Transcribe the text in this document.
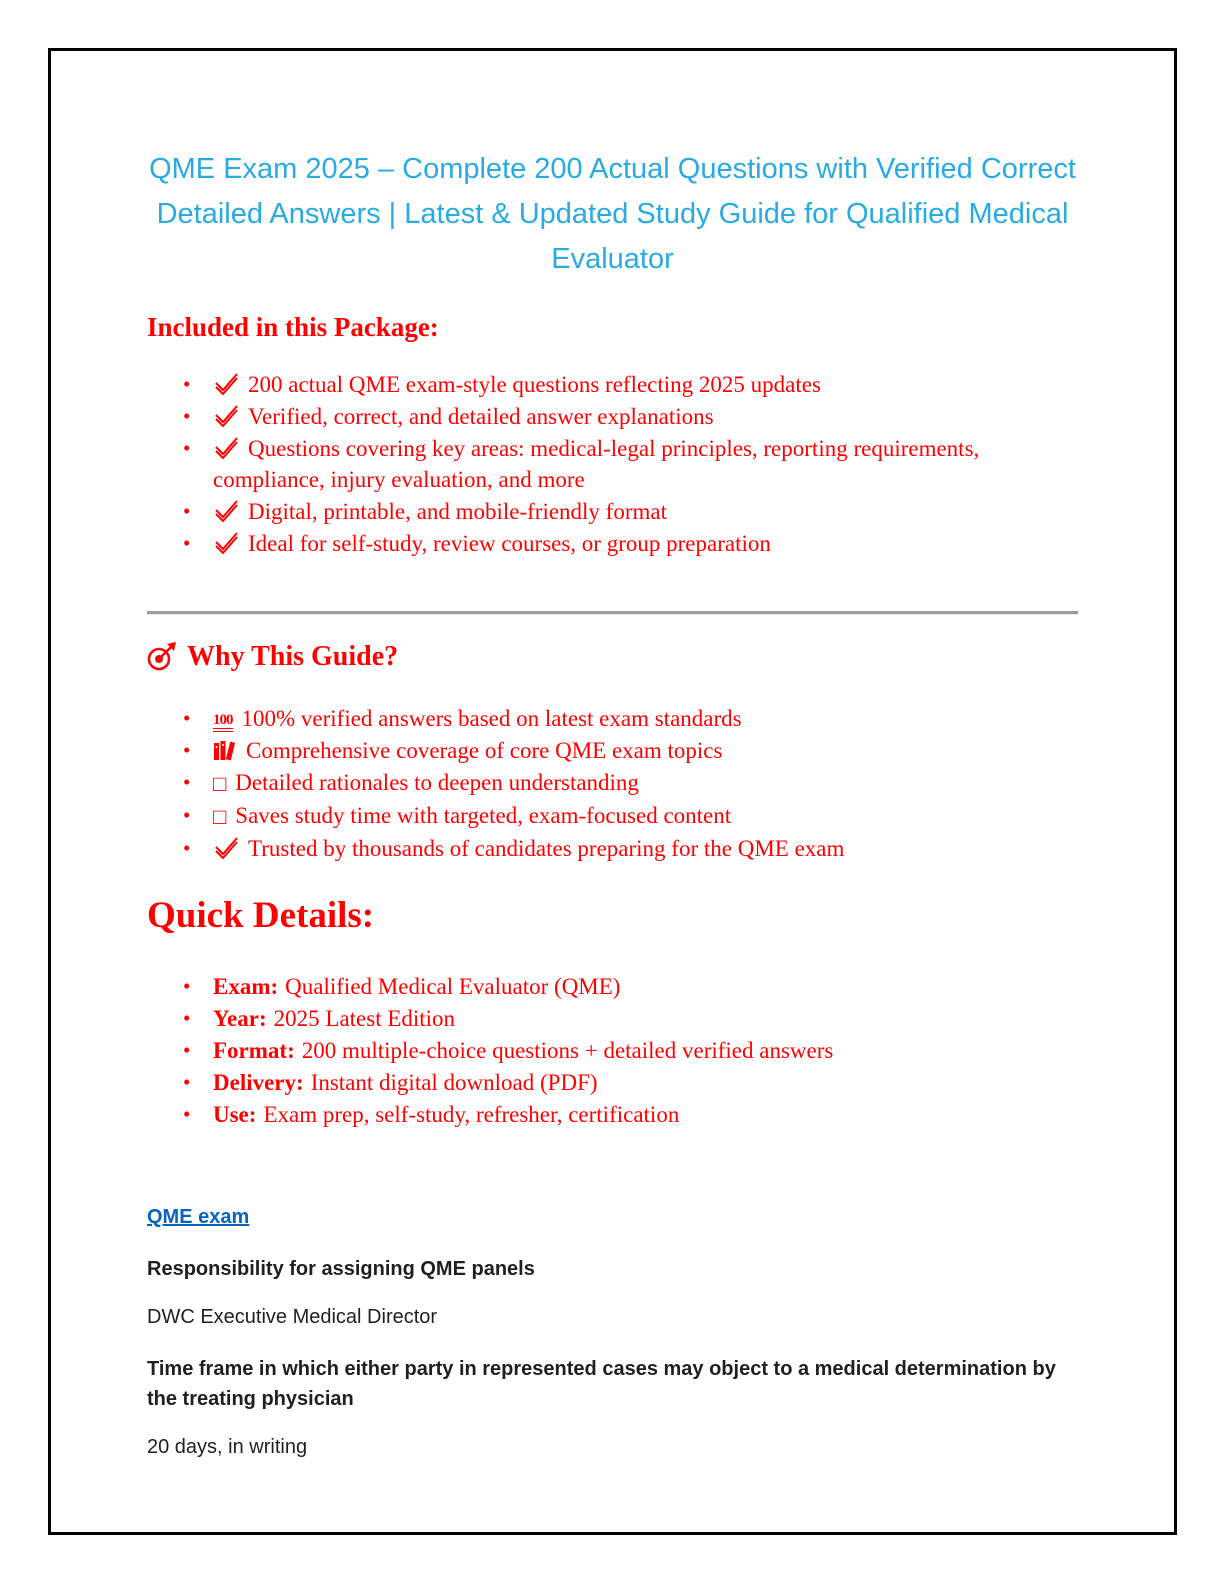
QME Exam 2025 – Complete 200 Actual Questions with Verified Correct Detailed Answers | Latest & Updated Study Guide for Qualified Medical Evaluator
Included in this Package:
• 200 actual QME exam-style questions reflecting 2025 updates
• Verified, correct, and detailed answer explanations
• Questions covering key areas: medical-legal principles, reporting requirements, compliance, injury evaluation, and more
• Digital, printable, and mobile-friendly format
• Ideal for self-study, review courses, or group preparation
Why This Guide?
• 100 100% verified answers based on latest exam standards
• Comprehensive coverage of core QME exam topics
• □ Detailed rationales to deepen understanding
• □ Saves study time with targeted, exam-focused content
• Trusted by thousands of candidates preparing for the QME exam
Quick Details:
• Exam: Qualified Medical Evaluator (QME)
• Year: 2025 Latest Edition
• Format: 200 multiple-choice questions + detailed verified answers
• Delivery: Instant digital download (PDF)
• Use: Exam prep, self-study, refresher, certification
QME exam
Responsibility for assigning QME panels
DWC Executive Medical Director
Time frame in which either party in represented cases may object to a medical determination by the treating physician
20 days, in writing
